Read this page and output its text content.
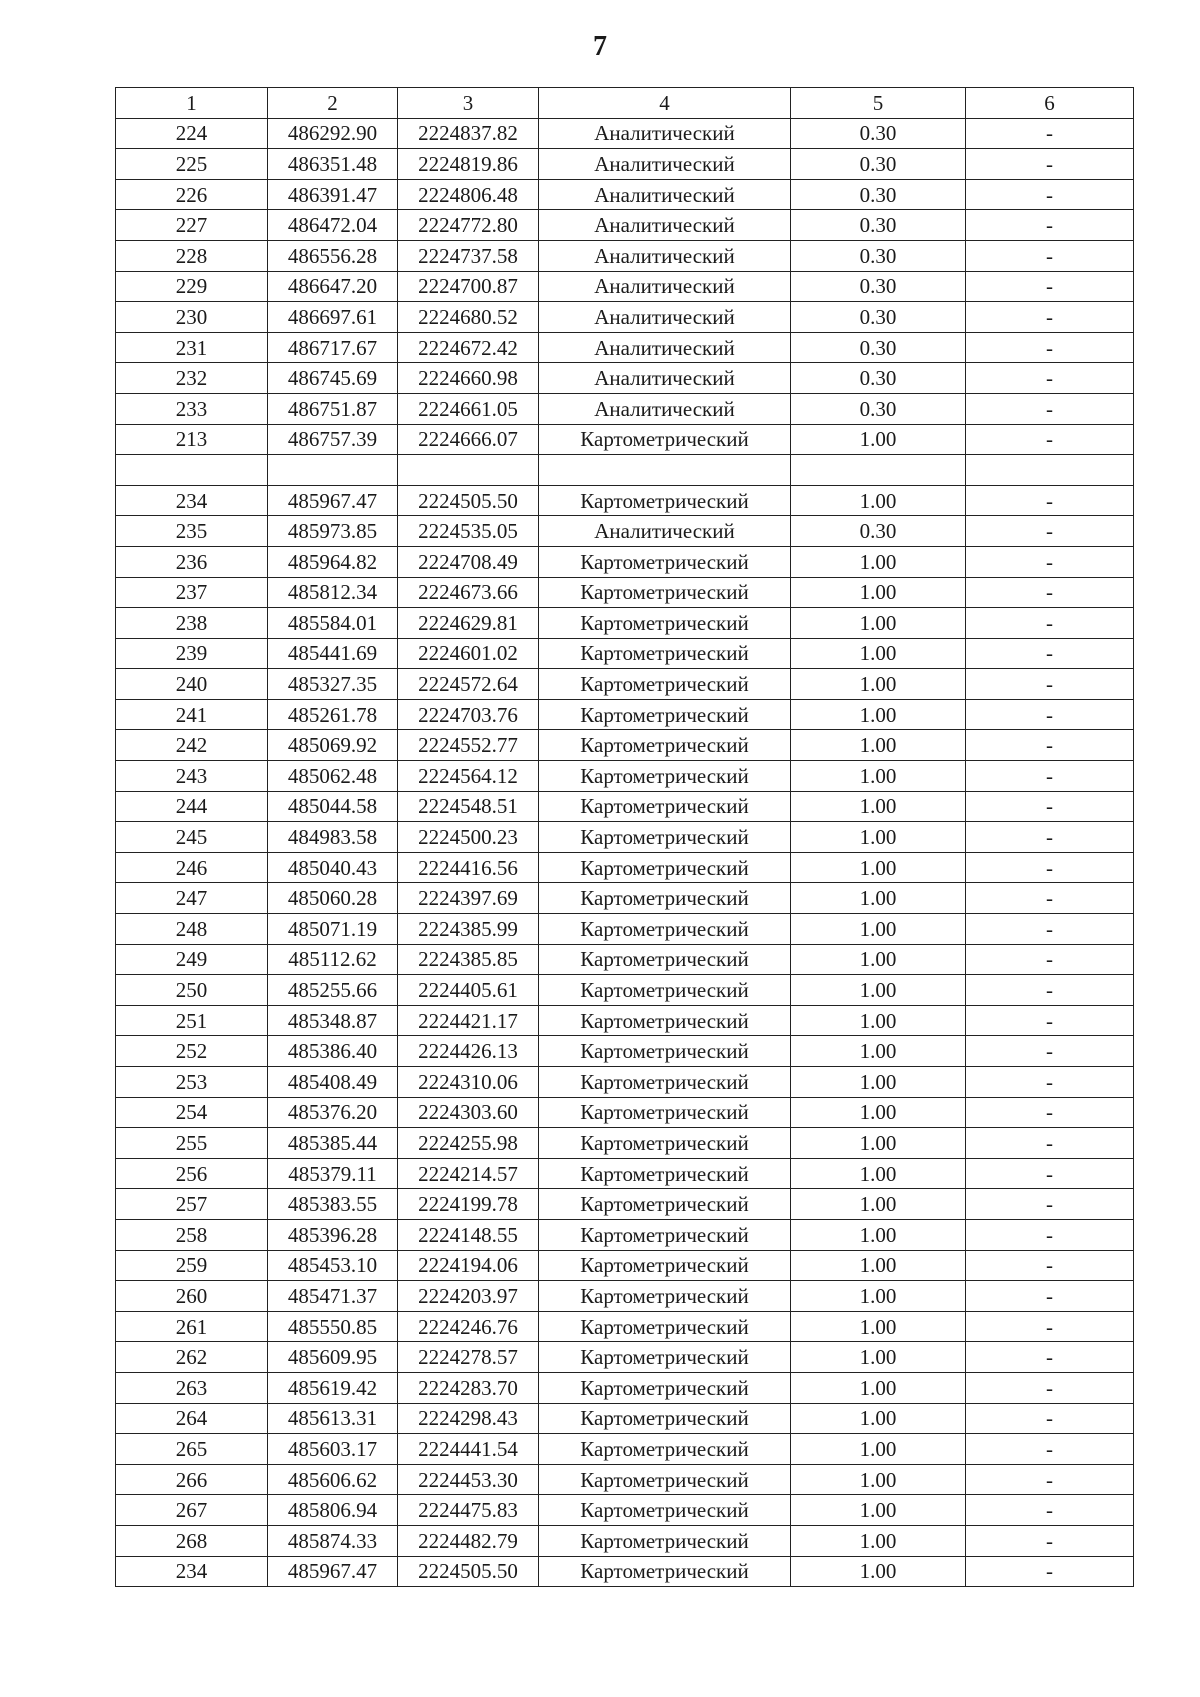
7
1	2	3	4	5	6
224	486292.90	2224837.82	Аналитический	0.30	-
225	486351.48	2224819.86	Аналитический	0.30	-
226	486391.47	2224806.48	Аналитический	0.30	-
227	486472.04	2224772.80	Аналитический	0.30	-
228	486556.28	2224737.58	Аналитический	0.30	-
229	486647.20	2224700.87	Аналитический	0.30	-
230	486697.61	2224680.52	Аналитический	0.30	-
231	486717.67	2224672.42	Аналитический	0.30	-
232	486745.69	2224660.98	Аналитический	0.30	-
233	486751.87	2224661.05	Аналитический	0.30	-
213	486757.39	2224666.07	Картометрический	1.00	-

234	485967.47	2224505.50	Картометрический	1.00	-
235	485973.85	2224535.05	Аналитический	0.30	-
236	485964.82	2224708.49	Картометрический	1.00	-
237	485812.34	2224673.66	Картометрический	1.00	-
238	485584.01	2224629.81	Картометрический	1.00	-
239	485441.69	2224601.02	Картометрический	1.00	-
240	485327.35	2224572.64	Картометрический	1.00	-
241	485261.78	2224703.76	Картометрический	1.00	-
242	485069.92	2224552.77	Картометрический	1.00	-
243	485062.48	2224564.12	Картометрический	1.00	-
244	485044.58	2224548.51	Картометрический	1.00	-
245	484983.58	2224500.23	Картометрический	1.00	-
246	485040.43	2224416.56	Картометрический	1.00	-
247	485060.28	2224397.69	Картометрический	1.00	-
248	485071.19	2224385.99	Картометрический	1.00	-
249	485112.62	2224385.85	Картометрический	1.00	-
250	485255.66	2224405.61	Картометрический	1.00	-
251	485348.87	2224421.17	Картометрический	1.00	-
252	485386.40	2224426.13	Картометрический	1.00	-
253	485408.49	2224310.06	Картометрический	1.00	-
254	485376.20	2224303.60	Картометрический	1.00	-
255	485385.44	2224255.98	Картометрический	1.00	-
256	485379.11	2224214.57	Картометрический	1.00	-
257	485383.55	2224199.78	Картометрический	1.00	-
258	485396.28	2224148.55	Картометрический	1.00	-
259	485453.10	2224194.06	Картометрический	1.00	-
260	485471.37	2224203.97	Картометрический	1.00	-
261	485550.85	2224246.76	Картометрический	1.00	-
262	485609.95	2224278.57	Картометрический	1.00	-
263	485619.42	2224283.70	Картометрический	1.00	-
264	485613.31	2224298.43	Картометрический	1.00	-
265	485603.17	2224441.54	Картометрический	1.00	-
266	485606.62	2224453.30	Картометрический	1.00	-
267	485806.94	2224475.83	Картометрический	1.00	-
268	485874.33	2224482.79	Картометрический	1.00	-
234	485967.47	2224505.50	Картометрический	1.00	-
